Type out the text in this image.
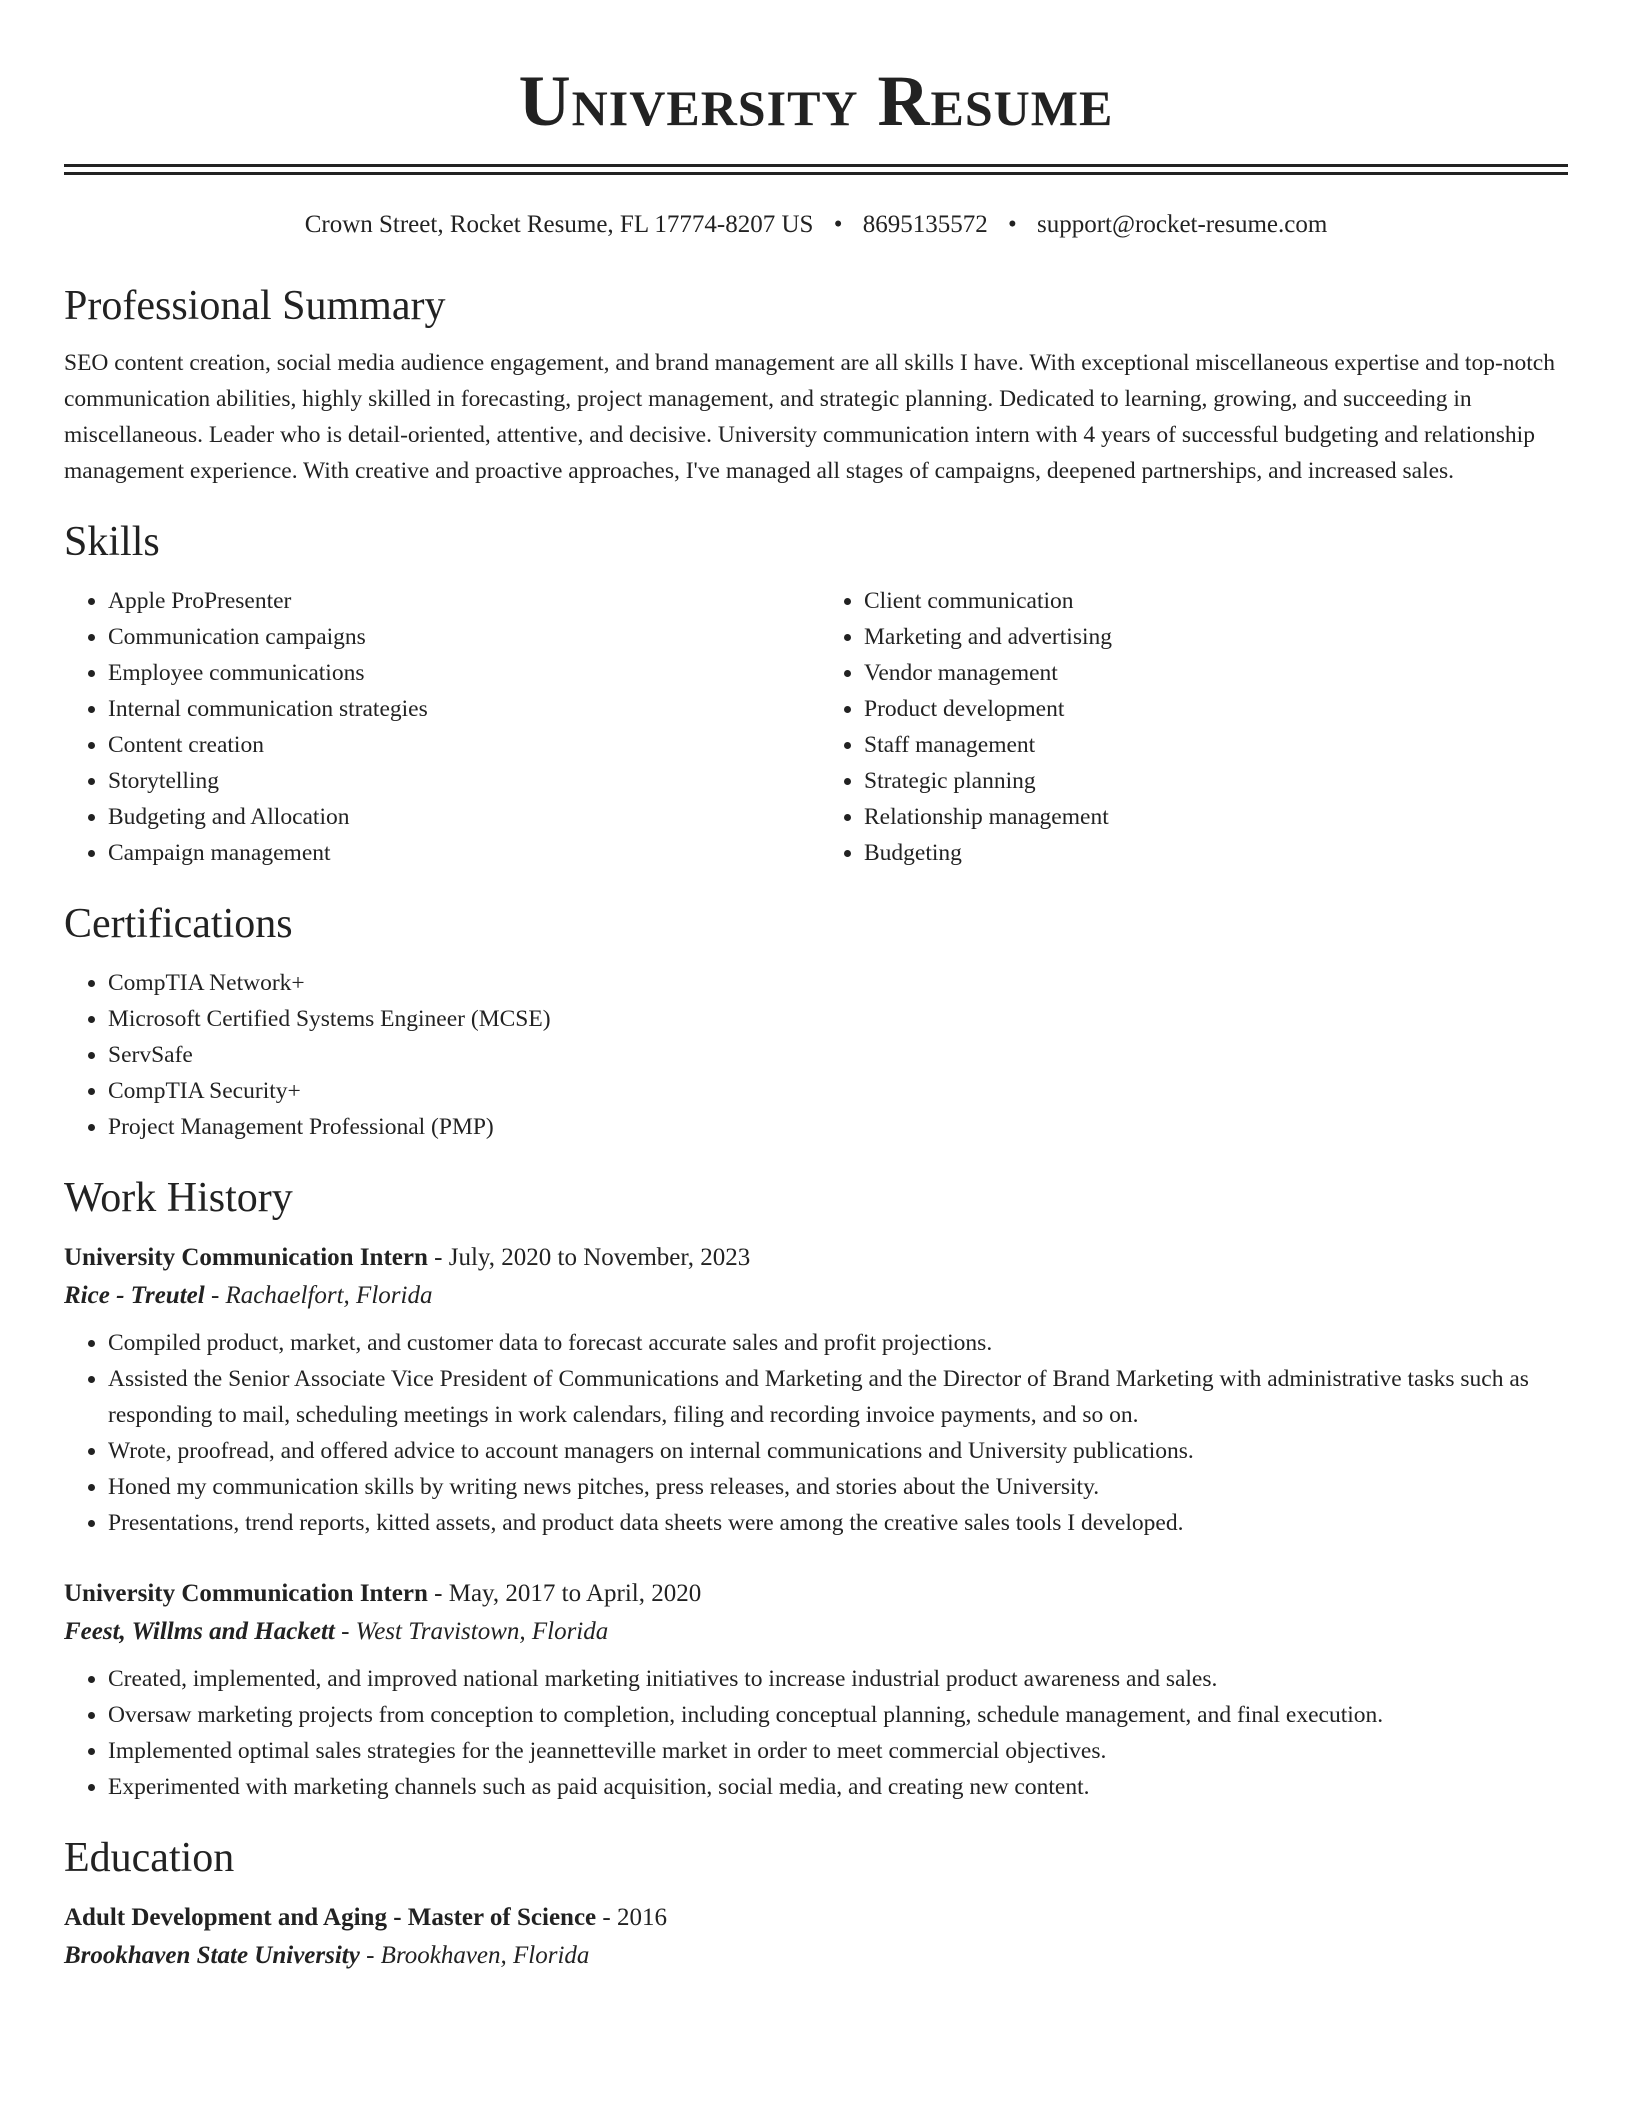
University Resume
Crown Street, Rocket Resume, FL 17774-8207 US • 8695135572 • support@rocket-resume.com
Professional Summary

SEO content creation, social media audience engagement, and brand management are all skills I have. With exceptional miscellaneous expertise and top-notch communication abilities, highly skilled in forecasting, project management, and strategic planning. Dedicated to learning, growing, and succeeding in miscellaneous. Leader who is detail-oriented, attentive, and decisive. University communication intern with 4 years of successful budgeting and relationship management experience. With creative and proactive approaches, I've managed all stages of campaigns, deepened partnerships, and increased sales.

Skills
• Apple ProPresenter
• Communication campaigns
• Employee communications
• Internal communication strategies
• Content creation
• Storytelling
• Budgeting and Allocation
• Campaign management
• Client communication
• Marketing and advertising
• Vendor management
• Product development
• Staff management
• Strategic planning
• Relationship management
• Budgeting
Certifications
• CompTIA Network+
• Microsoft Certified Systems Engineer (MCSE)
• ServSafe
• CompTIA Security+
• Project Management Professional (PMP)
Work History
University Communication Intern - July, 2020 to November, 2023
Rice - Treutel - Rachaelfort, Florida
• Compiled product, market, and customer data to forecast accurate sales and profit projections.
• Assisted the Senior Associate Vice President of Communications and Marketing and the Director of Brand Marketing with administrative tasks such as responding to mail, scheduling meetings in work calendars, filing and recording invoice payments, and so on.
• Wrote, proofread, and offered advice to account managers on internal communications and University publications.
• Honed my communication skills by writing news pitches, press releases, and stories about the University.
• Presentations, trend reports, kitted assets, and product data sheets were among the creative sales tools I developed.
University Communication Intern - May, 2017 to April, 2020
Feest, Willms and Hackett - West Travistown, Florida
• Created, implemented, and improved national marketing initiatives to increase industrial product awareness and sales.
• Oversaw marketing projects from conception to completion, including conceptual planning, schedule management, and final execution.
• Implemented optimal sales strategies for the jeannetteville market in order to meet commercial objectives.
• Experimented with marketing channels such as paid acquisition, social media, and creating new content.
Education
Adult Development and Aging - Master of Science - 2016
Brookhaven State University - Brookhaven, Florida
